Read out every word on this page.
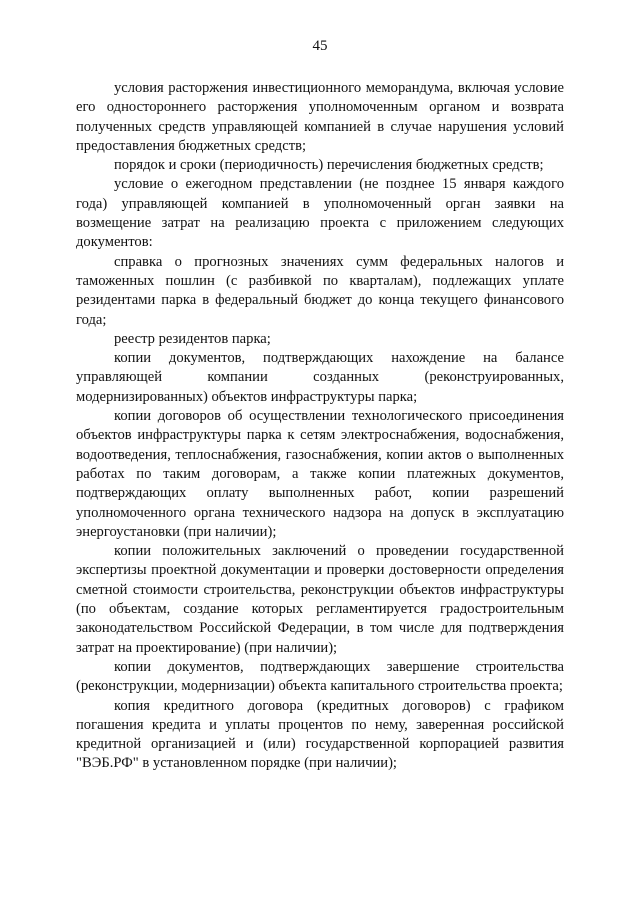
45

условия расторжения инвестиционного меморандума, включая условие его одностороннего расторжения уполномоченным органом и возврата полученных средств управляющей компанией в случае нарушения условий предоставления бюджетных средств;

порядок и сроки (периодичность) перечисления бюджетных средств;

условие о ежегодном представлении (не позднее 15 января каждого года) управляющей компанией в уполномоченный орган заявки на возмещение затрат на реализацию проекта с приложением следующих документов:

справка о прогнозных значениях сумм федеральных налогов и таможенных пошлин (с разбивкой по кварталам), подлежащих уплате резидентами парка в федеральный бюджет до конца текущего финансового года;

реестр резидентов парка;

копии документов, подтверждающих нахождение на балансе управляющей компании созданных (реконструированных, модернизированных) объектов инфраструктуры парка;

копии договоров об осуществлении технологического присоединения объектов инфраструктуры парка к сетям электроснабжения, водоснабжения, водоотведения, теплоснабжения, газоснабжения, копии актов о выполненных работах по таким договорам, а также копии платежных документов, подтверждающих оплату выполненных работ, копии разрешений уполномоченного органа технического надзора на допуск в эксплуатацию энергоустановки (при наличии);

копии положительных заключений о проведении государственной экспертизы проектной документации и проверки достоверности определения сметной стоимости строительства, реконструкции объектов инфраструктуры (по объектам, создание которых регламентируется градостроительным законодательством Российской Федерации, в том числе для подтверждения затрат на проектирование) (при наличии);

копии документов, подтверждающих завершение строительства (реконструкции, модернизации) объекта капитального строительства проекта;

копия кредитного договора (кредитных договоров) с графиком погашения кредита и уплаты процентов по нему, заверенная российской кредитной организацией и (или) государственной корпорацией развития "ВЭБ.РФ" в установленном порядке (при наличии);
